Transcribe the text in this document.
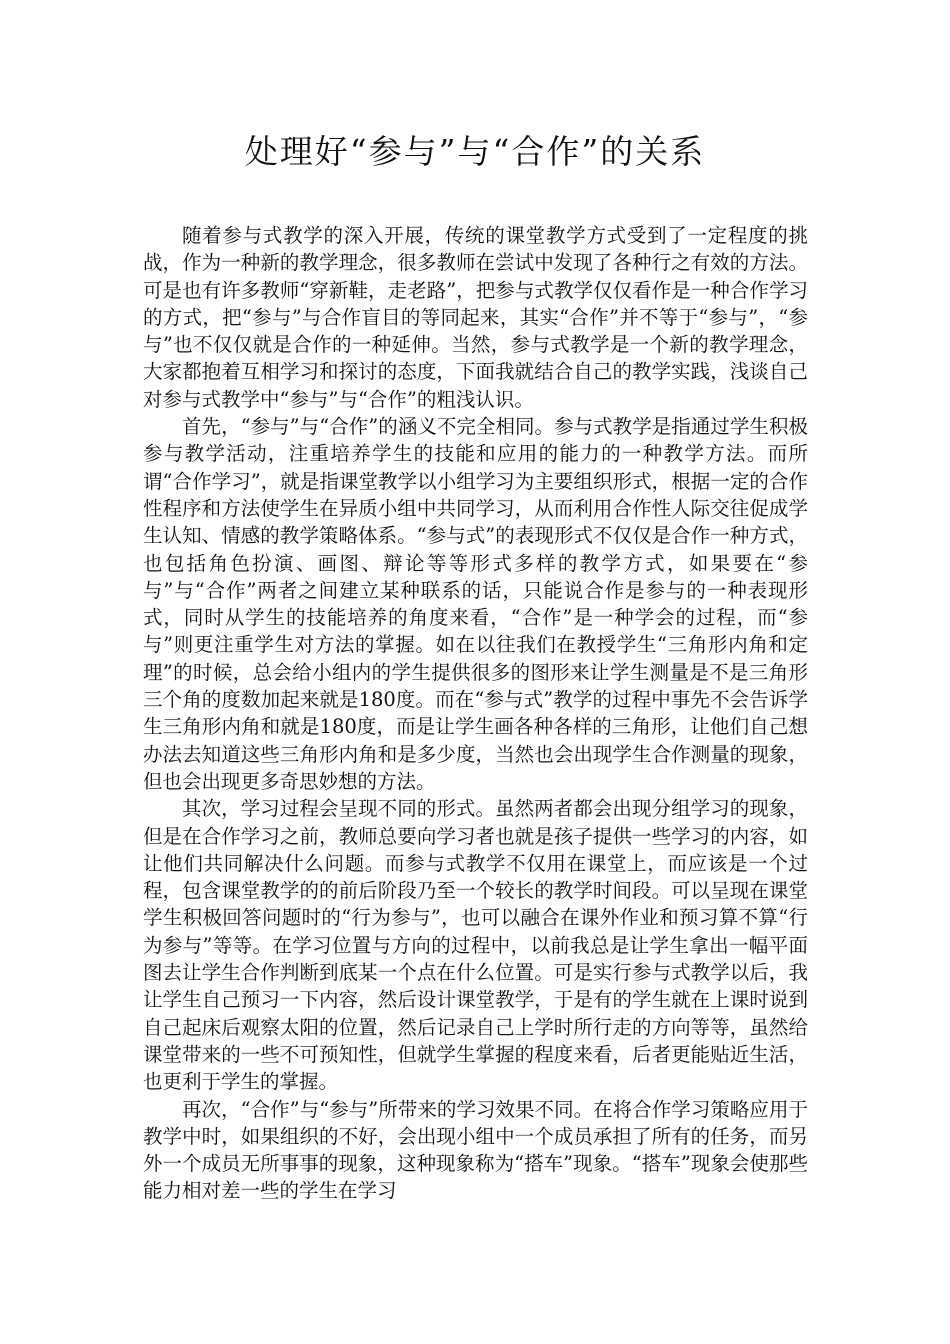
处理好“参与”与“合作”的关系

随着参与式教学的深入开展，传统的课堂教学方式受到了一定程度的挑战，作为一种新的教学理念，很多教师在尝试中发现了各种行之有效的方法。可是也有许多教师“穿新鞋，走老路”，把参与式教学仅仅看作是一种合作学习的方式，把“参与”与合作盲目的等同起来，其实“合作”并不等于“参与”，“参与”也不仅仅就是合作的一种延伸。当然，参与式教学是一个新的教学理念，大家都抱着互相学习和探讨的态度，下面我就结合自己的教学实践，浅谈自己对参与式教学中“参与”与“合作”的粗浅认识。

首先，“参与”与“合作”的涵义不完全相同。参与式教学是指通过学生积极参与教学活动，注重培养学生的技能和应用的能力的一种教学方法。而所谓“合作学习”，就是指课堂教学以小组学习为主要组织形式，根据一定的合作性程序和方法使学生在异质小组中共同学习，从而利用合作性人际交往促成学生认知、情感的教学策略体系。“参与式”的表现形式不仅仅是合作一种方式，也包括角色扮演、画图、辩论等等形式多样的教学方式，如果要在“参与”与“合作”两者之间建立某种联系的话，只能说合作是参与的一种表现形式，同时从学生的技能培养的角度来看，“合作”是一种学会的过程，而“参与”则更注重学生对方法的掌握。如在以往我们在教授学生“三角形内角和定理”的时候，总会给小组内的学生提供很多的图形来让学生测量是不是三角形三个角的度数加起来就是180度。而在“参与式”教学的过程中事先不会告诉学生三角形内角和就是180度，而是让学生画各种各样的三角形，让他们自己想办法去知道这些三角形内角和是多少度，当然也会出现学生合作测量的现象，但也会出现更多奇思妙想的方法。

其次，学习过程会呈现不同的形式。虽然两者都会出现分组学习的现象，但是在合作学习之前，教师总要向学习者也就是孩子提供一些学习的内容，如让他们共同解决什么问题。而参与式教学不仅用在课堂上，而应该是一个过程，包含课堂教学的的前后阶段乃至一个较长的教学时间段。可以呈现在课堂学生积极回答问题时的“行为参与”，也可以融合在课外作业和预习算不算“行为参与”等等。在学习位置与方向的过程中，以前我总是让学生拿出一幅平面图去让学生合作判断到底某一个点在什么位置。可是实行参与式教学以后，我让学生自己预习一下内容，然后设计课堂教学，于是有的学生就在上课时说到自己起床后观察太阳的位置，然后记录自己上学时所行走的方向等等，虽然给课堂带来的一些不可预知性，但就学生掌握的程度来看，后者更能贴近生活，也更利于学生的掌握。

再次，“合作”与“参与”所带来的学习效果不同。在将合作学习策略应用于教学中时，如果组织的不好，会出现小组中一个成员承担了所有的任务，而另外一个成员无所事事的现象，这种现象称为“搭车”现象。“搭车”现象会使那些能力相对差一些的学生在学习
